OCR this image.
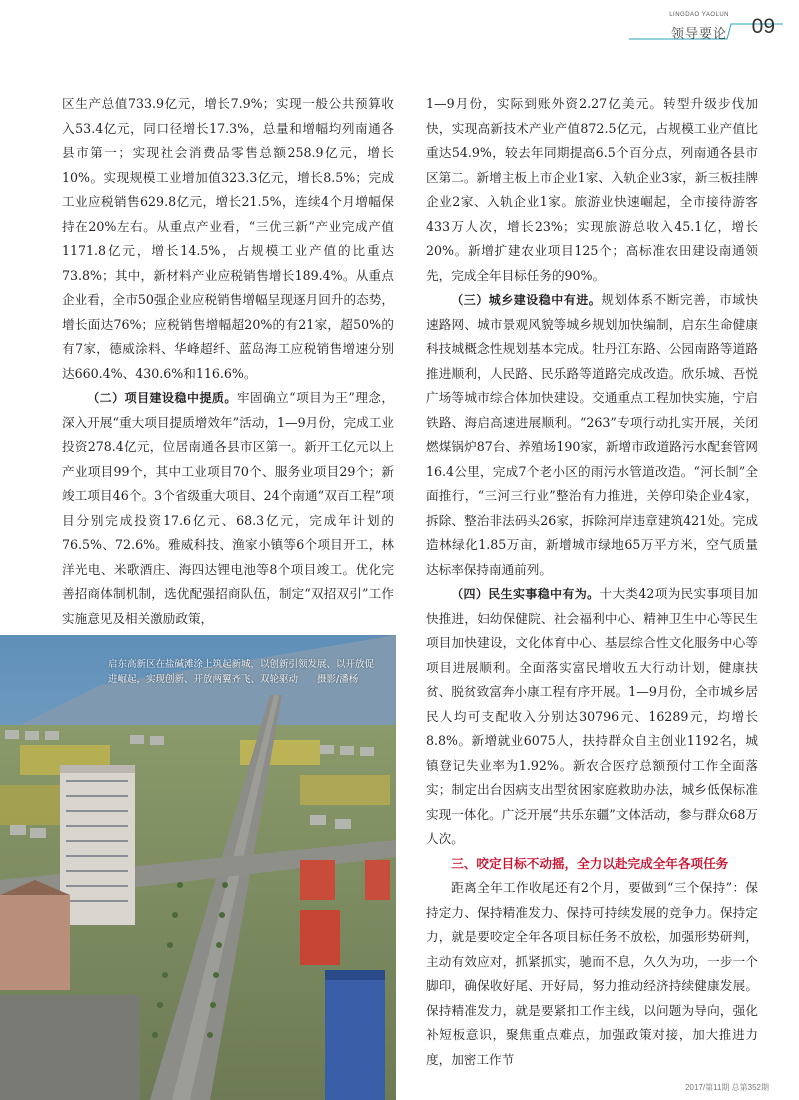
LINGDAO YAOLUN
领导要论 09

区生产总值733.9亿元，增长7.9%；实现一般公共预算收入53.4亿元，同口径增长17.3%，总量和增幅均列南通各县市第一；实现社会消费品零售总额258.9亿元，增长10%。实现规模工业增加值323.3亿元，增长8.5%；完成工业应税销售629.8亿元，增长21.5%，连续4个月增幅保持在20%左右。从重点产业看，“三优三新”产业完成产值1171.8亿元，增长14.5%，占规模工业产值的比重达73.8%；其中，新材料产业应税销售增长189.4%。从重点企业看，全市50强企业应税销售增幅呈现逐月回升的态势，增长面达76%；应税销售增幅超20%的有21家，超50%的有7家，德威涂料、华峰超纤、蓝岛海工应税销售增速分别达660.4%、430.6%和116.6%。

（二）项目建设稳中提质。牢固确立“项目为王”理念，深入开展“重大项目提质增效年”活动，1—9月份，完成工业投资278.4亿元，位居南通各县市区第一。新开工亿元以上产业项目99个，其中工业项目70个、服务业项目29个；新竣工项目46个。3个省级重大项目、24个南通“双百工程”项目分别完成投资17.6亿元、68.3亿元，完成年计划的76.5%、72.6%。雅威科技、渔家小镇等6个项目开工，林洋光电、米歌酒庄、海四达锂电池等8个项目竣工。优化完善招商体制机制，选优配强招商队伍，制定“双招双引”工作实施意见及相关激励政策，

启东高新区在盐碱滩涂上筑起新城，以创新引领发展、以开放促进崛起，实现创新、开放两翼齐飞、双轮驱动　　摄影/潘杨

1—9月份，实际到账外资2.27亿美元。转型升级步伐加快，实现高新技术产业产值872.5亿元，占规模工业产值比重达54.9%，较去年同期提高6.5个百分点，列南通各县市区第二。新增主板上市企业1家、入轨企业3家，新三板挂牌企业2家、入轨企业1家。旅游业快速崛起，全市接待游客433万人次，增长23%；实现旅游总收入45.1亿，增长20%。新增扩建农业项目125个；高标准农田建设南通领先，完成全年目标任务的90%。

（三）城乡建设稳中有进。规划体系不断完善，市域快速路网、城市景观风貌等城乡规划加快编制，启东生命健康科技城概念性规划基本完成。牡丹江东路、公园南路等道路推进顺利，人民路、民乐路等道路完成改造。欣乐城、吾悦广场等城市综合体加快建设。交通重点工程加快实施，宁启铁路、海启高速进展顺利。“263”专项行动扎实开展，关闭燃煤锅炉87台、养殖场190家，新增市政道路污水配套管网16.4公里，完成7个老小区的雨污水管道改造。“河长制”全面推行，“三河三行业”整治有力推进，关停印染企业4家，拆除、整治非法码头26家，拆除河岸违章建筑421处。完成造林绿化1.85万亩，新增城市绿地65万平方米，空气质量达标率保持南通前列。

（四）民生实事稳中有为。十大类42项为民实事项目加快推进，妇幼保健院、社会福利中心、精神卫生中心等民生项目加快建设，文化体育中心、基层综合性文化服务中心等项目进展顺利。全面落实富民增收五大行动计划，健康扶贫、脱贫致富奔小康工程有序开展。1—9月份，全市城乡居民人均可支配收入分别达30796元、16289元，均增长8.8%。新增就业6075人，扶持群众自主创业1192名，城镇登记失业率为1.92%。新农合医疗总额预付工作全面落实；制定出台因病支出型贫困家庭救助办法，城乡低保标准实现一体化。广泛开展“共乐东疆”文体活动，参与群众68万人次。

三、咬定目标不动摇，全力以赴完成全年各项任务

距离全年工作收尾还有2个月，要做到“三个保持”：保持定力、保持精准发力、保持可持续发展的竞争力。保持定力，就是要咬定全年各项目标任务不放松，加强形势研判，主动有效应对，抓紧抓实，驰而不息，久久为功，一步一个脚印，确保收好尾、开好局，努力推动经济持续健康发展。保持精准发力，就是要紧扣工作主线，以问题为导向，强化补短板意识，聚焦重点难点，加强政策对接，加大推进力度，加密工作节

2017/第11期 总第352期
